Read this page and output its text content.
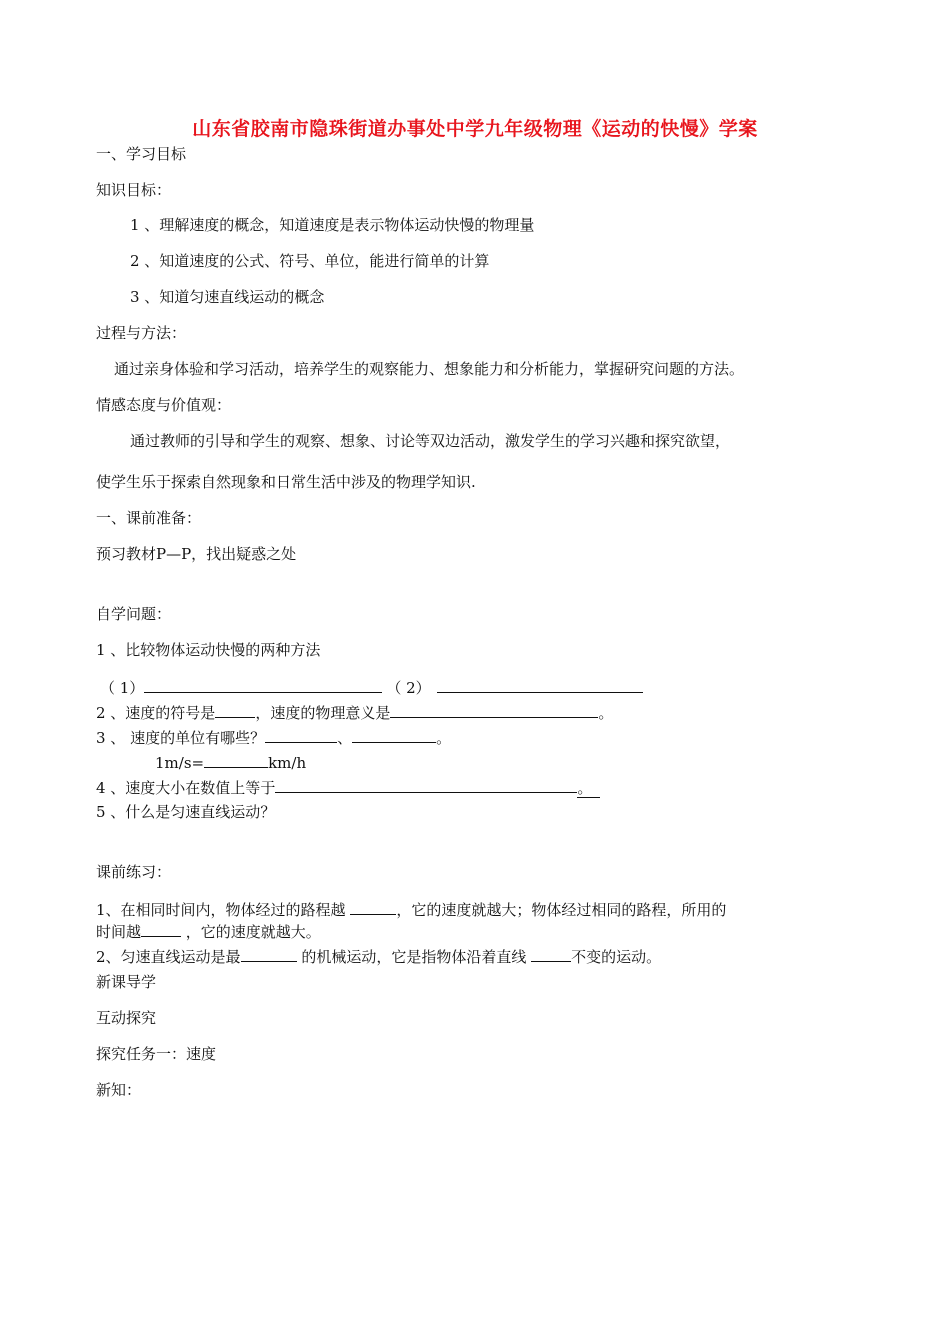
山东省胶南市隐珠街道办事处中学九年级物理《运动的快慢》学案
一、学习目标
知识目标：
1 、理解速度的概念，知道速度是表示物体运动快慢的物理量
2 、知道速度的公式、符号、单位，能进行简单的计算
3 、知道匀速直线运动的概念
过程与方法：
通过亲身体验和学习活动，培养学生的观察能力、想象能力和分析能力，掌握研究问题的方法。
情感态度与价值观：
通过教师的引导和学生的观察、想象、讨论等双边活动，激发学生的学习兴趣和探究欲望，
使学生乐于探索自然现象和日常生活中涉及的物理学知识.
一、课前准备：
预习教材P—P，找出疑惑之处
自学问题：
1 、比较物体运动快慢的两种方法
（ 1）	（ 2）
2 、速度的符号是	，速度的物理意义是	。
3 、 速度的单位有哪些？	、	。
1m/s=	km/h
4 、速度大小在数值上等于	。
5 、什么是匀速直线运动？
课前练习：
1、在相同时间内，物体经过的路程越	，它的速度就越大；物体经过相同的路程，所用的
时间越	，它的速度就越大。
2、匀速直线运动是最	的机械运动，它是指物体沿着直线	不变的运动。
新课导学
互动探究
探究任务一：速度
新知：
